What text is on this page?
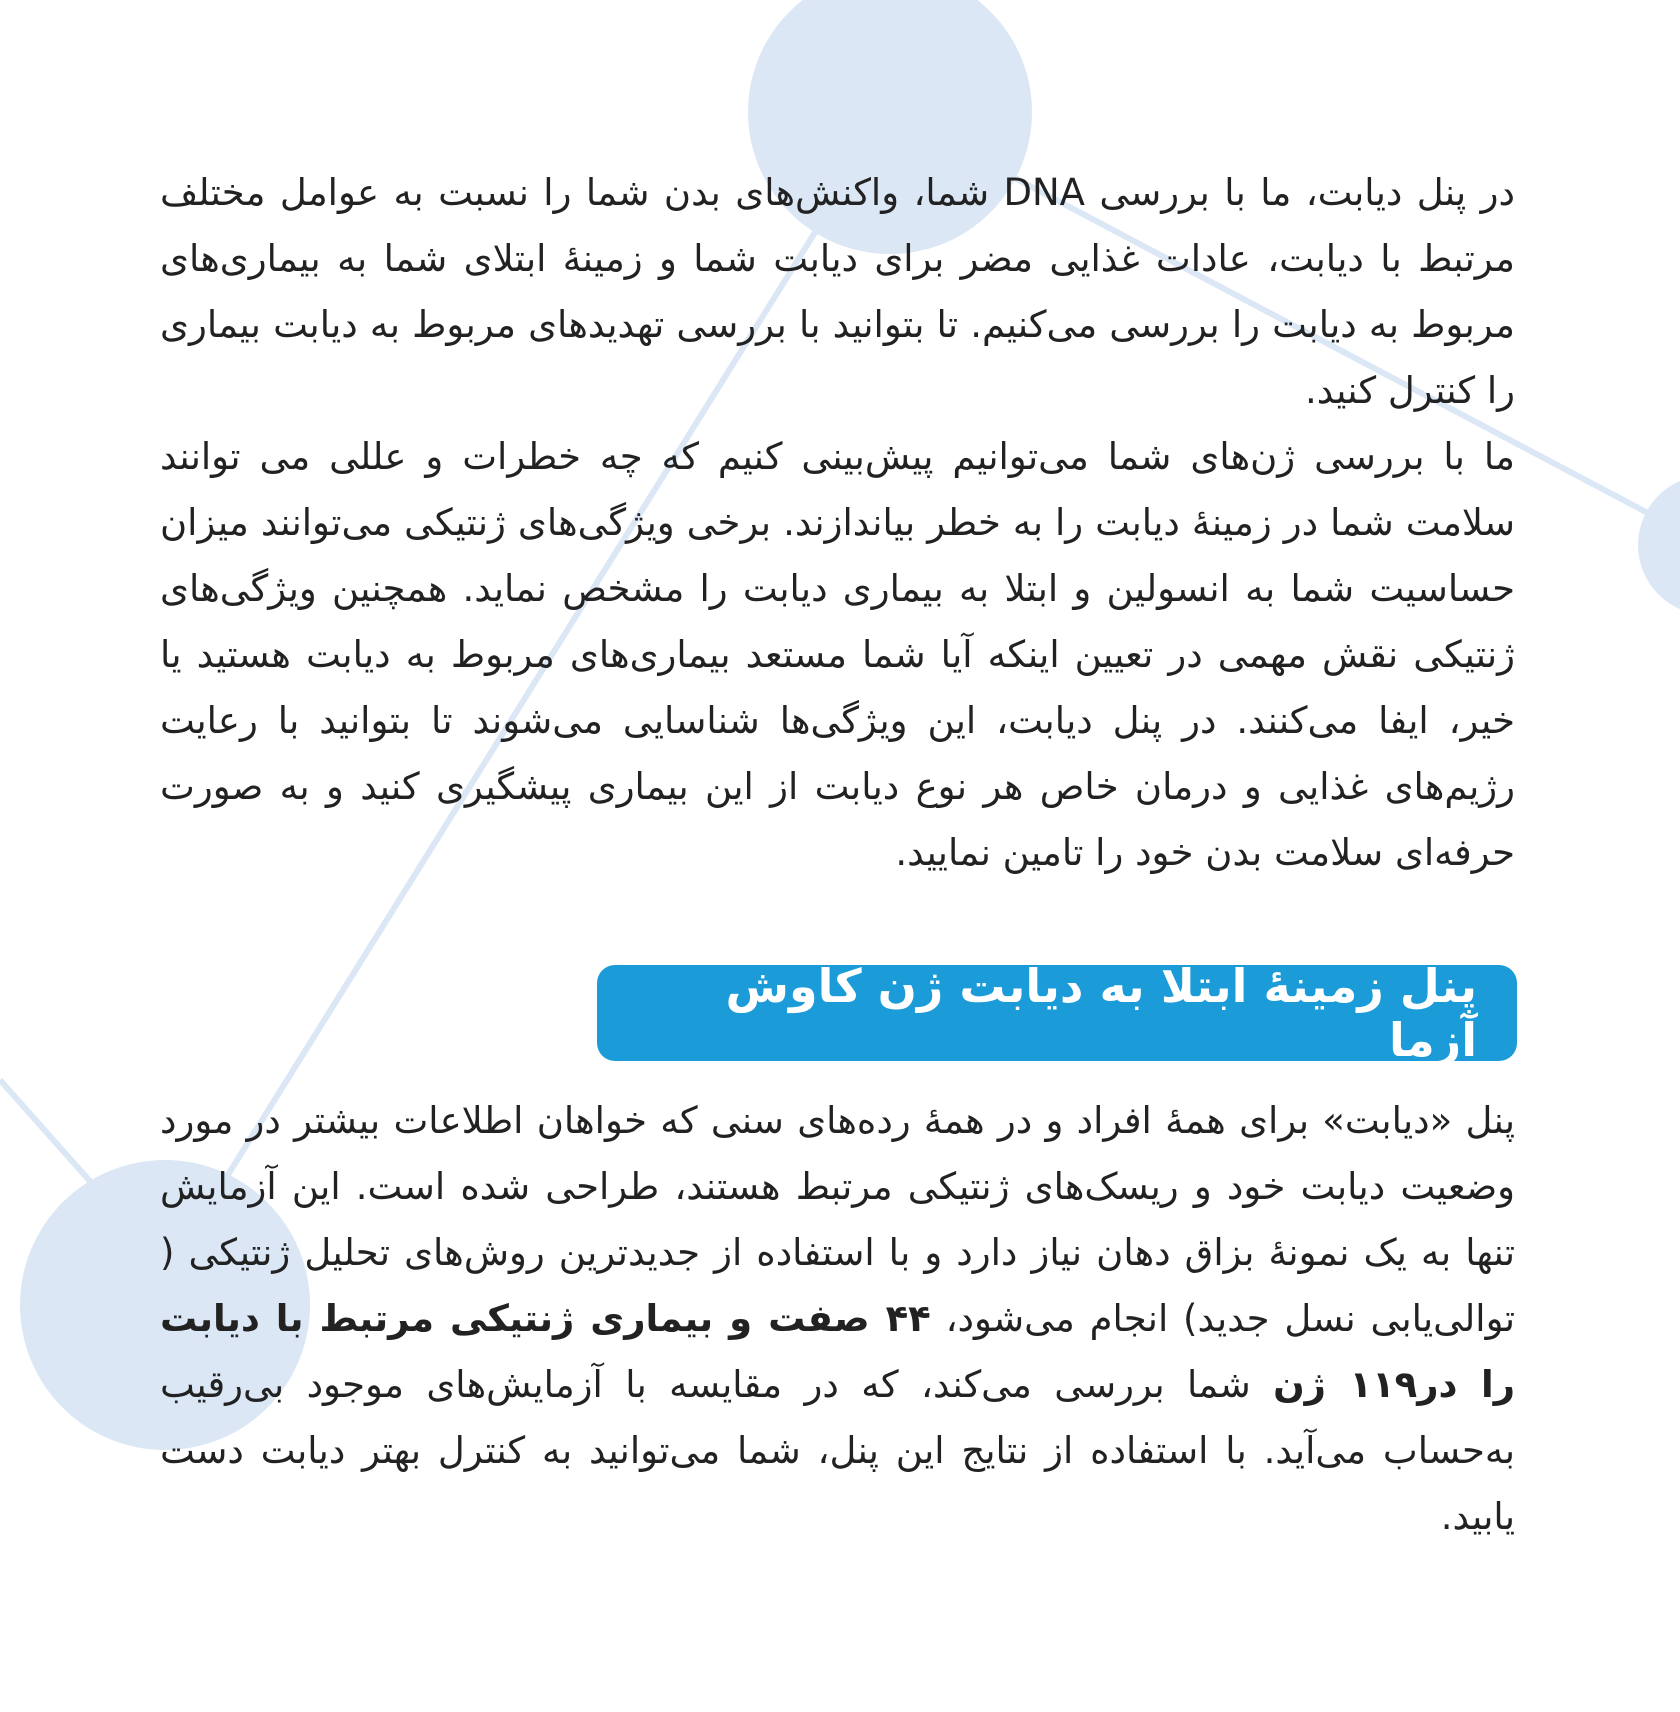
در پنل دیابت، ما با بررسی DNA شما، واکنش‌های بدن شما را نسبت به عوامل مختلف مرتبط با دیابت، عادات غذایی مضر برای دیابت شما و زمینهٔ ابتلای شما به بیماری‌های مربوط به دیابت را بررسی می‌کنیم. تا بتوانید با بررسی تهدیدهای مربوط به دیابت بیماری را کنترل کنید.

ما با بررسی ژن‌های شما می‌توانیم پیش‌بینی کنیم که چه خطرات و عللی می توانند سلامت شما در زمینهٔ دیابت را به خطر بیاندازند. برخی ویژگی‌های ژنتیکی می‌توانند میزان حساسیت شما به انسولین و ابتلا به بیماری دیابت را مشخص نماید. همچنین ویژگی‌های ژنتیکی نقش مهمی در تعیین اینکه آیا شما مستعد بیماری‌های مربوط به دیابت هستید یا خیر، ایفا می‌کنند. در پنل دیابت، این ویژگی‌ها شناسایی می‌شوند تا بتوانید با رعایت رژیم‌های غذایی و درمان خاص هر نوع دیابت از این بیماری پیشگیری کنید و به صورت حرفه‌ای سلامت بدن خود را تامین نمایید.

پنل زمینهٔ ابتلا به دیابت ژن کاوش آزما

پنل «دیابت» برای همهٔ افراد و در همهٔ رده‌های سنی که خواهان اطلاعات بیشتر در مورد وضعیت دیابت خود و ریسک‌های ژنتیکی مرتبط هستند، طراحی شده است. این آزمایش تنها به یک نمونهٔ بزاق دهان نیاز دارد و با استفاده از جدیدترین روش‌های تحلیل ژنتیکی ( توالی‌یابی نسل جدید) انجام می‌شود، ۴۴ صفت و بیماری ژنتیکی مرتبط با دیابت را در۱۱۹ ژن شما بررسی می‌کند، که در مقایسه با آزمایش‌های موجود بی‌رقیب به‌حساب می‌آید. با استفاده از نتایج این پنل، شما می‌توانید به کنترل بهتر دیابت دست یابید.
